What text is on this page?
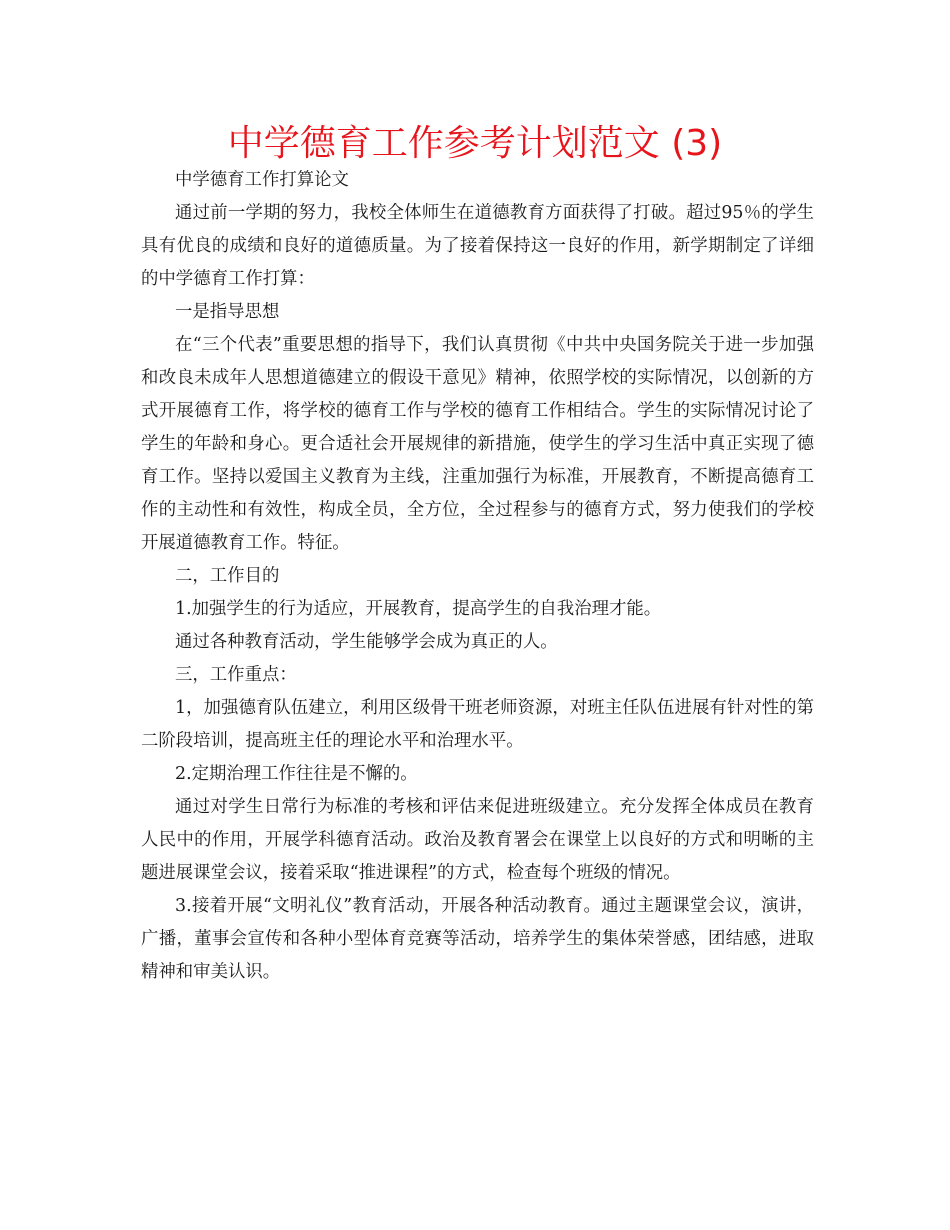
中学德育工作参考计划范文 (3)

中学德育工作打算论文

通过前一学期的努力，我校全体师生在道德教育方面获得了打破。超过95％的学生具有优良的成绩和良好的道德质量。为了接着保持这一良好的作用，新学期制定了详细的中学德育工作打算：

一是指导思想

在“三个代表”重要思想的指导下，我们认真贯彻《中共中央国务院关于进一步加强和改良未成年人思想道德建立的假设干意见》精神，依照学校的实际情况，以创新的方式开展德育工作，将学校的德育工作与学校的德育工作相结合。学生的实际情况讨论了学生的年龄和身心。更合适社会开展规律的新措施，使学生的学习生活中真正实现了德育工作。坚持以爱国主义教育为主线，注重加强行为标准，开展教育，不断提高德育工作的主动性和有效性，构成全员，全方位，全过程参与的德育方式，努力使我们的学校开展道德教育工作。特征。

二，工作目的

1.加强学生的行为适应，开展教育，提高学生的自我治理才能。

通过各种教育活动，学生能够学会成为真正的人。

三，工作重点：

1，加强德育队伍建立，利用区级骨干班老师资源，对班主任队伍进展有针对性的第二阶段培训，提高班主任的理论水平和治理水平。

2.定期治理工作往往是不懈的。

通过对学生日常行为标准的考核和评估来促进班级建立。充分发挥全体成员在教育人民中的作用，开展学科德育活动。政治及教育署会在课堂上以良好的方式和明晰的主题进展课堂会议，接着采取“推进课程”的方式，检查每个班级的情况。

3.接着开展“文明礼仪”教育活动，开展各种活动教育。通过主题课堂会议，演讲，广播，董事会宣传和各种小型体育竞赛等活动，培养学生的集体荣誉感，团结感，进取精神和审美认识。
